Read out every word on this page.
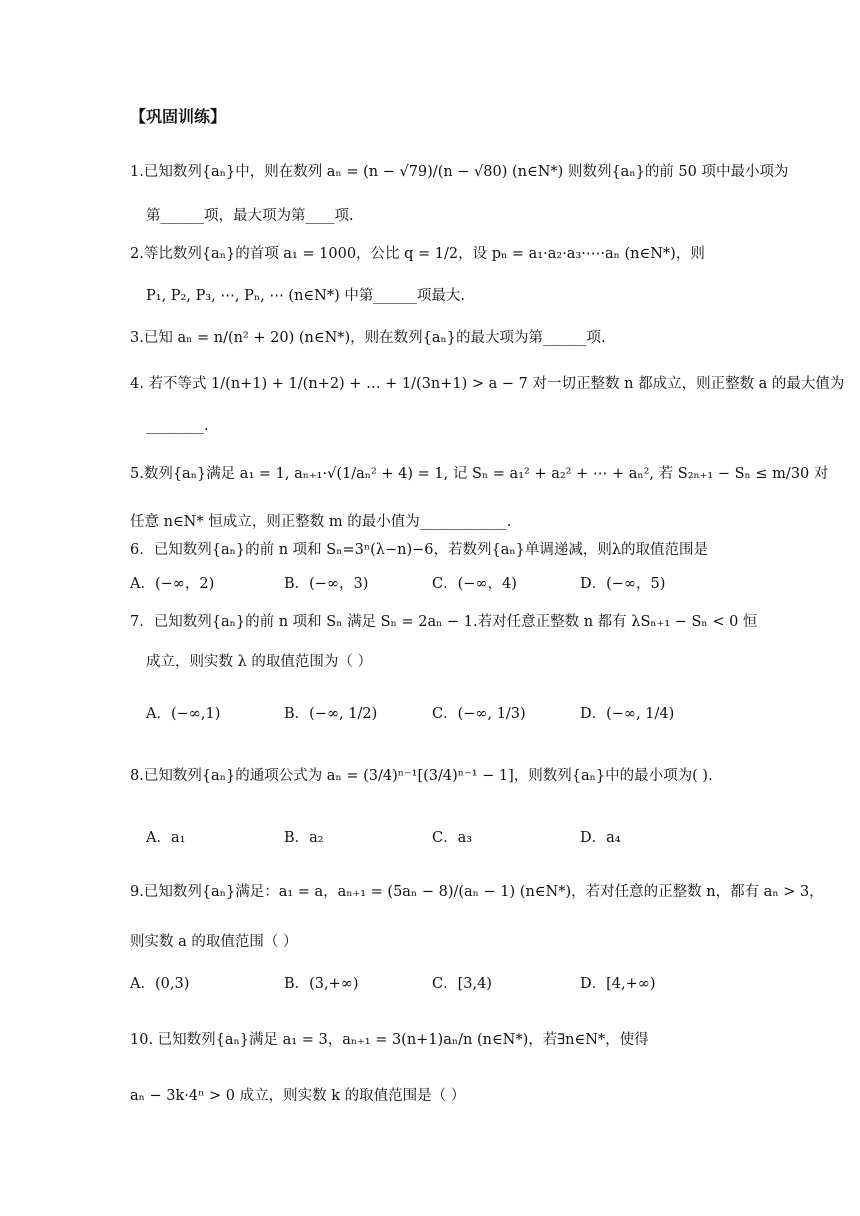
【巩固训练】
1.已知数列{aₙ}中，则在数列 aₙ = (n − √79)/(n − √80) (n∈N*) 则数列{aₙ}的前 50 项中最小项为
第______项，最大项为第____项.
2.等比数列{aₙ}的首项 a₁ = 1000，公比 q = 1/2，设 pₙ = a₁·a₂·a₃·⋯·aₙ (n∈N*)，则
P₁, P₂, P₃, ⋯, Pₙ, ⋯ (n∈N*) 中第______项最大.
3.已知 aₙ = n/(n² + 20) (n∈N*)，则在数列{aₙ}的最大项为第______项.
4. 若不等式 1/(n+1) + 1/(n+2) + … + 1/(3n+1) > a − 7 对一切正整数 n 都成立，则正整数 a 的最大值为
________.
5.数列{aₙ}满足 a₁ = 1, aₙ₊₁·√(1/aₙ² + 4) = 1, 记 Sₙ = a₁² + a₂² + ⋯ + aₙ², 若 S₂ₙ₊₁ − Sₙ ≤ m/30 对
任意 n∈N* 恒成立，则正整数 m 的最小值为____________.
6．已知数列{aₙ}的前 n 项和 Sₙ=3ⁿ(λ−n)−6，若数列{aₙ}单调递减，则λ的取值范围是
A．(−∞，2)	B．(−∞，3)	C．(−∞，4)	D．(−∞，5)
7．已知数列{aₙ}的前 n 项和 Sₙ 满足 Sₙ = 2aₙ − 1.若对任意正整数 n 都有 λSₙ₊₁ − Sₙ < 0 恒
成立，则实数 λ 的取值范围为（ ）
A．(−∞,1)	B．(−∞, 1/2)	C．(−∞, 1/3)	D．(−∞, 1/4)
8.已知数列{aₙ}的通项公式为 aₙ = (3/4)ⁿ⁻¹[(3/4)ⁿ⁻¹ − 1]，则数列{aₙ}中的最小项为( ).
A．a₁	B．a₂	C．a₃	D．a₄
9.已知数列{aₙ}满足：a₁ = a，aₙ₊₁ = (5aₙ − 8)/(aₙ − 1) (n∈N*)，若对任意的正整数 n，都有 aₙ > 3，
则实数 a 的取值范围（ ）
A．(0,3)	B．(3,+∞)	C．[3,4)	D．[4,+∞)
10. 已知数列{aₙ}满足 a₁ = 3，aₙ₊₁ = 3(n+1)aₙ/n (n∈N*)，若∃n∈N*，使得
aₙ − 3k·4ⁿ > 0 成立，则实数 k 的取值范围是（ ）
